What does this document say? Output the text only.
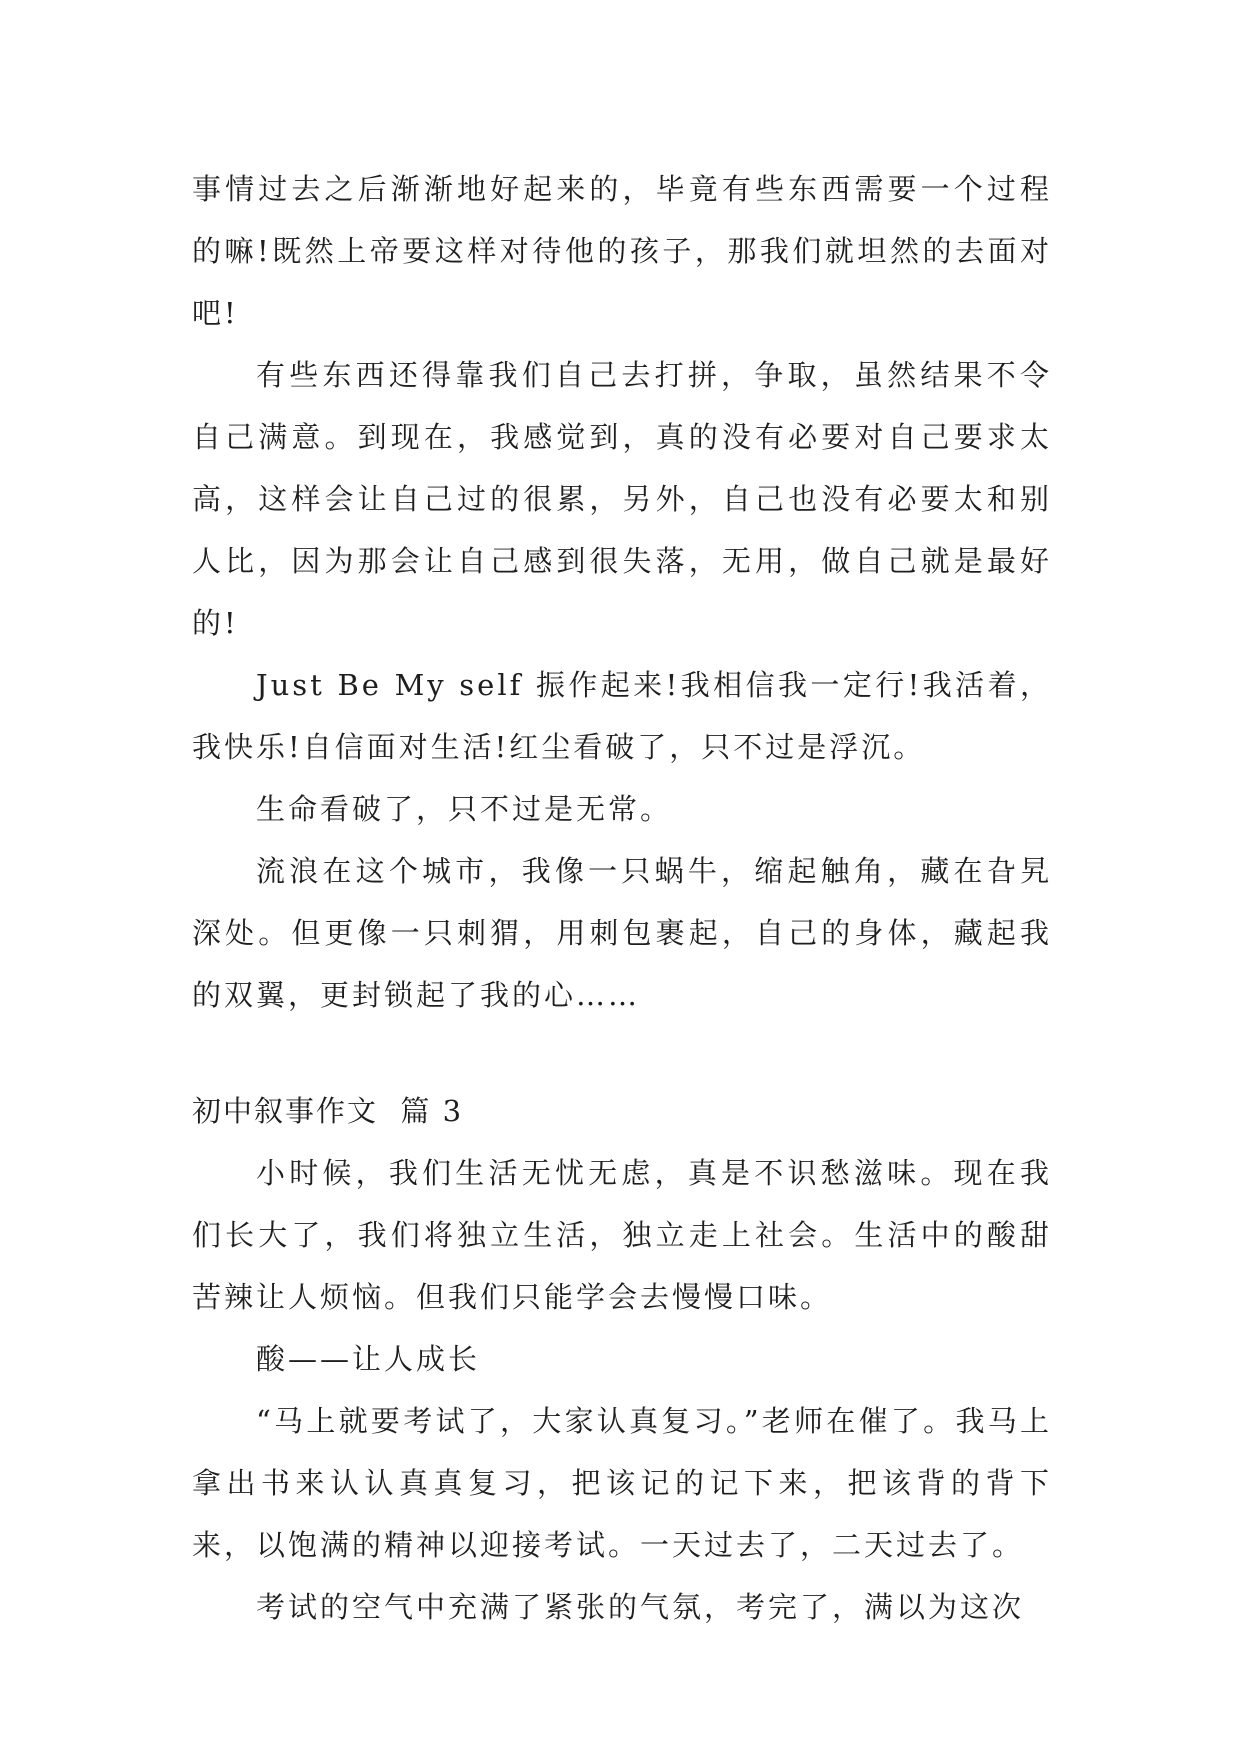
事情过去之后渐渐地好起来的，毕竟有些东西需要一个过程的嘛!既然上帝要这样对待他的孩子，那我们就坦然的去面对吧!

有些东西还得靠我们自己去打拼，争取，虽然结果不令自己满意。到现在，我感觉到，真的没有必要对自己要求太高，这样会让自己过的很累，另外，自己也没有必要太和别人比，因为那会让自己感到很失落，无用，做自己就是最好的!

Just Be My self 振作起来!我相信我一定行!我活着，我快乐!自信面对生活!红尘看破了，只不过是浮沉。

生命看破了，只不过是无常。

流浪在这个城市，我像一只蜗牛，缩起触角，藏在旮旯深处。但更像一只刺猬，用刺包裹起，自己的身体，藏起我的双翼，更封锁起了我的心……

初中叙事作文  篇 3

小时候，我们生活无忧无虑，真是不识愁滋味。现在我们长大了，我们将独立生活，独立走上社会。生活中的酸甜苦辣让人烦恼。但我们只能学会去慢慢口味。

酸——让人成长

“马上就要考试了，大家认真复习。”老师在催了。我马上拿出书来认认真真复习，把该记的记下来，把该背的背下来，以饱满的精神以迎接考试。一天过去了，二天过去了。

考试的空气中充满了紧张的气氛，考完了，满以为这次
